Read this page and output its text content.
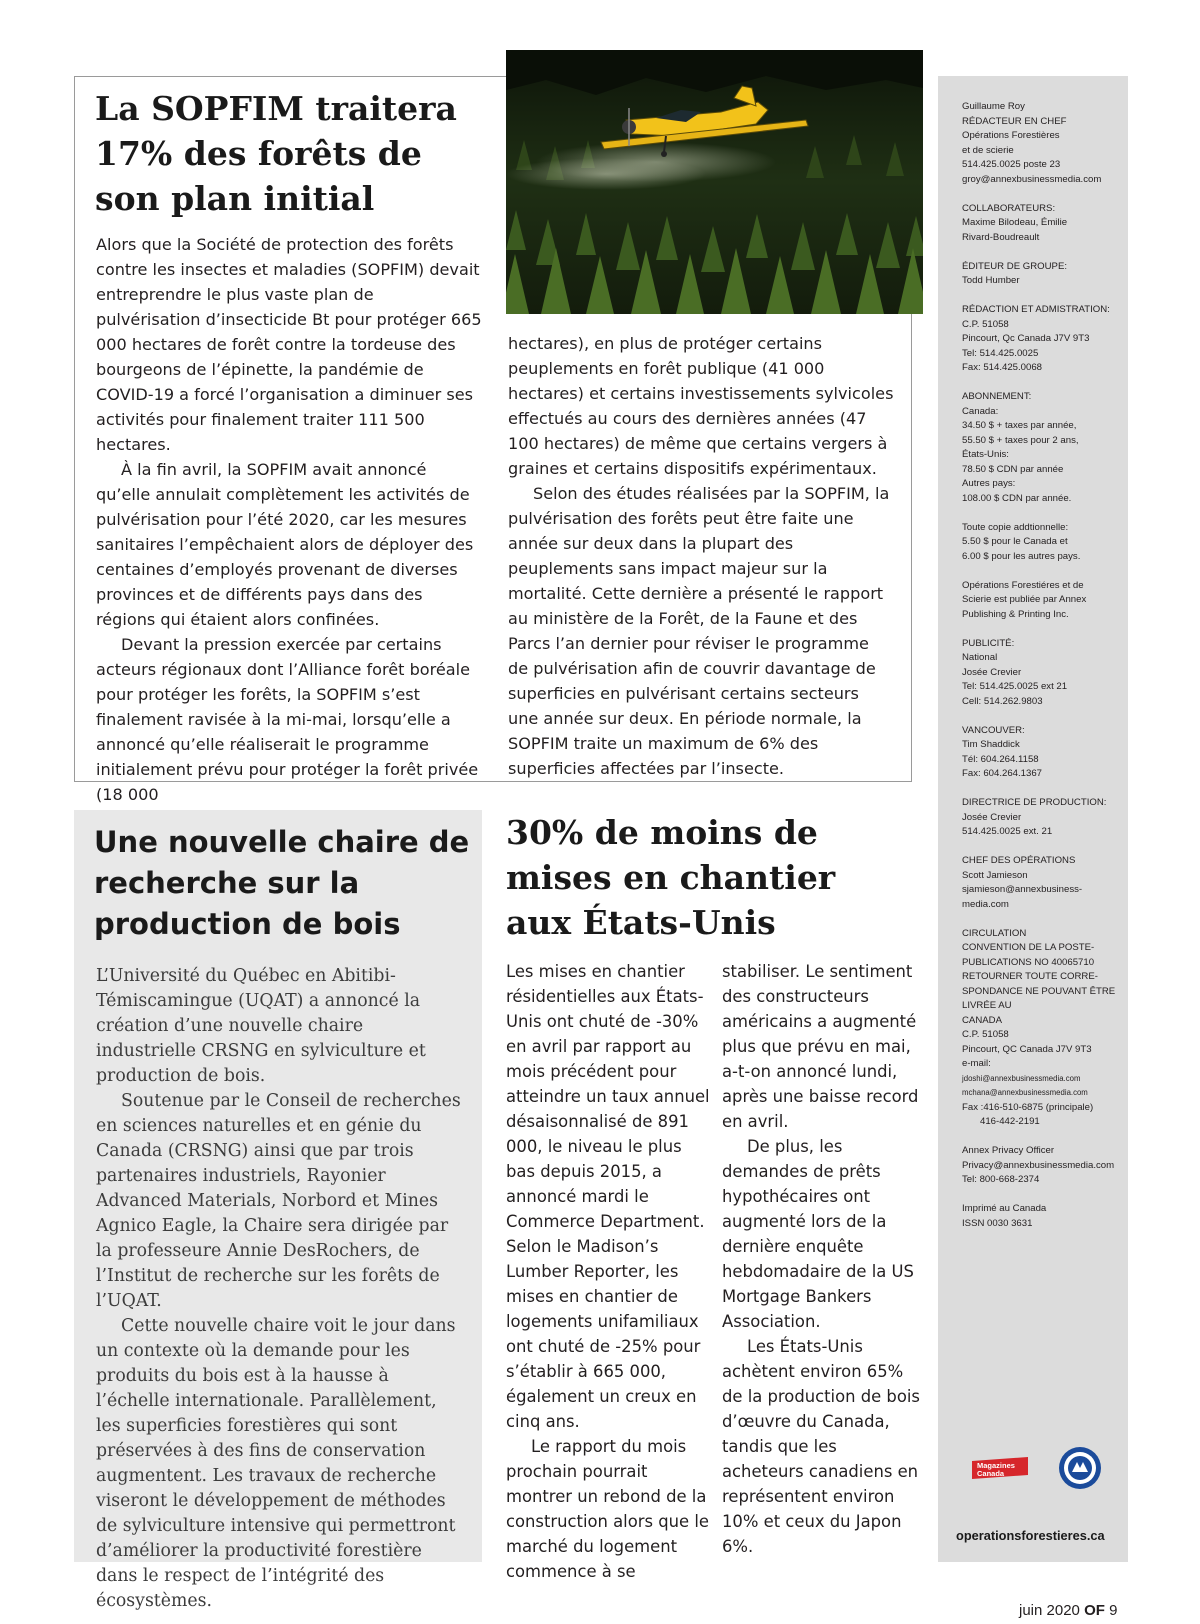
La SOPFIM traitera 17% des forêts de son plan initial

Alors que la Société de protection des forêts contre les insectes et maladies (SOPFIM) devait entreprendre le plus vaste plan de pulvérisation d’insecticide Bt pour protéger 665 000 hectares de forêt contre la tordeuse des bourgeons de l’épinette, la pandémie de COVID-19 a forcé l’organisation a diminuer ses activités pour finalement traiter 111 500 hectares.

À la fin avril, la SOPFIM avait annoncé qu’elle annulait complètement les activités de pulvérisation pour l’été 2020, car les mesures sanitaires l’empêchaient alors de déployer des centaines d’employés provenant de diverses provinces et de différents pays dans des régions qui étaient alors confinées.

Devant la pression exercée par certains acteurs régionaux dont l’Alliance forêt boréale pour protéger les forêts, la SOPFIM s’est finalement ravisée à la mi-mai, lorsqu’elle a annoncé qu’elle réaliserait le programme initialement prévu pour protéger la forêt privée (18 000

hectares), en plus de protéger certains peuplements en forêt publique (41 000 hectares) et certains investissements sylvicoles effectués au cours des dernières années (47 100 hectares) de même que certains vergers à graines et certains dispositifs expérimentaux.

Selon des études réalisées par la SOPFIM, la pulvérisation des forêts peut être faite une année sur deux dans la plupart des peuplements sans impact majeur sur la mortalité. Cette dernière a présenté le rapport au ministère de la Forêt, de la Faune et des Parcs l’an dernier pour réviser le programme de pulvérisation afin de couvrir davantage de superficies en pulvérisant certains secteurs une année sur deux. En période normale, la SOPFIM traite un maximum de 6% des superficies affectées par l’insecte.

Une nouvelle chaire de recherche sur la production de bois

L’Université du Québec en Abitibi-Témiscamingue (UQAT) a annoncé la création d’une nouvelle chaire industrielle CRSNG en sylviculture et production de bois.

Soutenue par le Conseil de recherches en sciences naturelles et en génie du Canada (CRSNG) ainsi que par trois partenaires industriels, Rayonier Advanced Materials, Norbord et Mines Agnico Eagle, la Chaire sera dirigée par la professeure Annie DesRochers, de l’Institut de recherche sur les forêts de l’UQAT.

Cette nouvelle chaire voit le jour dans un contexte où la demande pour les produits du bois est à la hausse à l’échelle internationale. Parallèlement, les superficies forestières qui sont préservées à des fins de conservation augmentent. Les travaux de recherche viseront le développement de méthodes de sylviculture intensive qui permettront d’améliorer la productivité forestière dans le respect de l’intégrité des écosystèmes.

30% de moins de mises en chantier aux États-Unis

Les mises en chantier résidentielles aux États-Unis ont chuté de -30% en avril par rapport au mois précédent pour atteindre un taux annuel désaisonnalisé de 891 000, le niveau le plus bas depuis 2015, a annoncé mardi le Commerce Department. Selon le Madison’s Lumber Reporter, les mises en chantier de logements unifamiliaux ont chuté de -25% pour s’établir à 665 000, également un creux en cinq ans.

Le rapport du mois prochain pourrait montrer un rebond de la construction alors que le marché du logement commence à se

stabiliser. Le sentiment des constructeurs américains a augmenté plus que prévu en mai, a-t-on annoncé lundi, après une baisse record en avril.

De plus, les demandes de prêts hypothécaires ont augmenté lors de la dernière enquête hebdomadaire de la US Mortgage Bankers Association.

Les États-Unis achètent environ 65% de la production de bois d’œuvre du Canada, tandis que les acheteurs canadiens en représentent environ 10% et ceux du Japon 6%.

Guillaume Roy
RÉDACTEUR EN CHEF
Opérations Forestières
et de scierie
514.425.0025 poste 23
groy@annexbusinessmedia.com
COLLABORATEURS:
Maxime Bilodeau, Émilie
Rivard-Boudreault
ÉDITEUR DE GROUPE:
Todd Humber
RÉDACTION ET ADMISTRATION:
C.P. 51058
Pincourt, Qc Canada J7V 9T3
Tel: 514.425.0025
Fax: 514.425.0068
ABONNEMENT:
Canada:
34.50 $ + taxes par année,
55.50 $ + taxes pour 2 ans,
États-Unis:
78.50 $ CDN par année
Autres pays:
108.00 $ CDN par année.
Toute copie addtionnelle:
5.50 $ pour le Canada et
6.00 $ pour les autres pays.
Opérations Forestiéres et de
Scierie est publiée par Annex
Publishing & Printing Inc.
PUBLICITÉ:
National
Josée Crevier
Tel: 514.425.0025 ext 21
Cell: 514.262.9803
VANCOUVER:
Tim Shaddick
Tél: 604.264.1158
Fax: 604.264.1367
DIRECTRICE DE PRODUCTION:
Josée Crevier
514.425.0025 ext. 21
CHEF DES OPÉRATIONS
Scott Jamieson
sjamieson@annexbusiness-
media.com
CIRCULATION
CONVENTION DE LA POSTE-
PUBLICATIONS NO 40065710
RETOURNER TOUTE CORRE-
SPONDANCE NE POUVANT ÊTRE
LIVRÉE AU
CANADA
C.P. 51058
Pincourt, QC Canada J7V 9T3
e-mail:
jdoshi@annexbusinessmedia.com
mchana@annexbusinessmedia.com
Fax :416-510-6875 (principale)
416-442-2191
Annex Privacy Officer
Privacy@annexbusinessmedia.com
Tel: 800-668-2374
Imprimé au Canada
ISSN 0030 3631
Magazines
Canada
operationsforestieres.ca
juin 2020 OF 9
